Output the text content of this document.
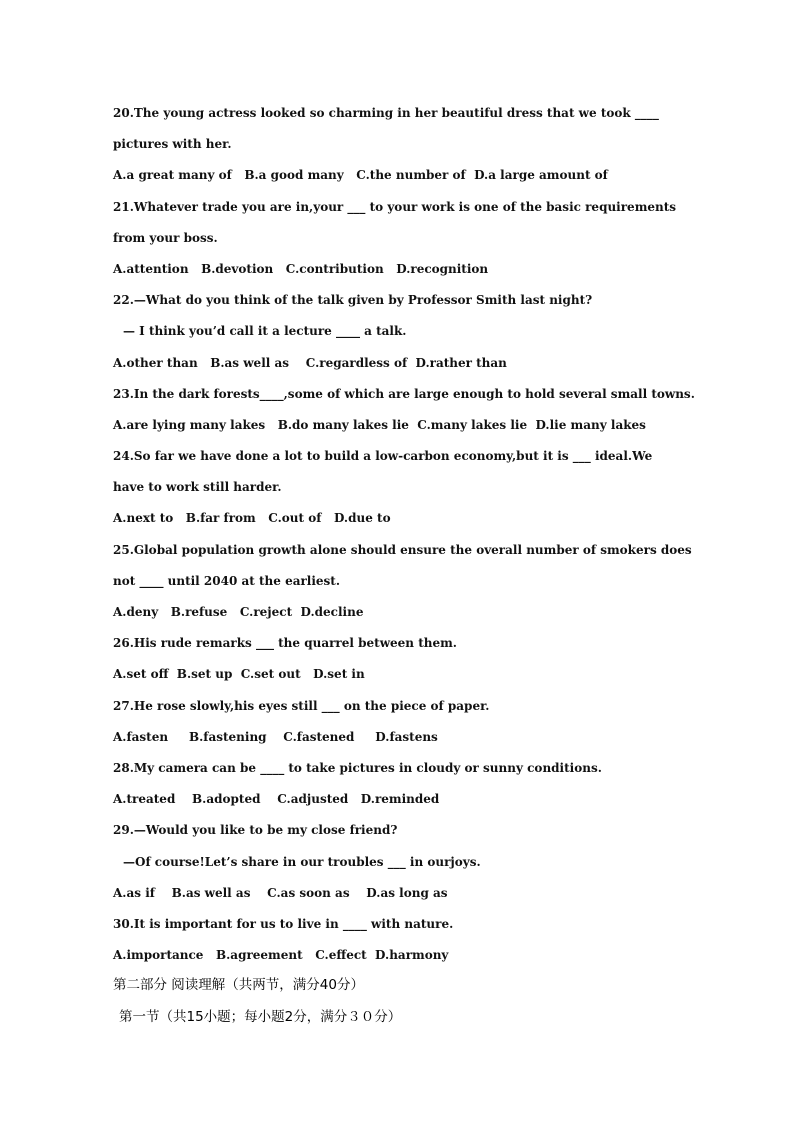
20.The young actress looked so charming in her beautiful dress that we took ____
pictures with her.
A.a great many of   B.a good many   C.the number of  D.a large amount of
21.Whatever trade you are in,your ___ to your work is one of the basic requirements
from your boss.
A.attention   B.devotion   C.contribution   D.recognition
22.—What do you think of the talk given by Professor Smith last night?
— I think you’d call it a lecture ____ a talk.
A.other than   B.as well as    C.regardless of  D.rather than
23.In the dark forests____,some of which are large enough to hold several small towns.
A.are lying many lakes   B.do many lakes lie  C.many lakes lie  D.lie many lakes
24.So far we have done a lot to build a low-carbon economy,but it is ___ ideal.We
have to work still harder.
A.next to   B.far from   C.out of   D.due to
25.Global population growth alone should ensure the overall number of smokers does
not ____ until 2040 at the earliest.
A.deny   B.refuse   C.reject  D.decline
26.His rude remarks ___ the quarrel between them.
A.set off  B.set up  C.set out   D.set in
27.He rose slowly,his eyes still ___ on the piece of paper.
A.fasten     B.fastening    C.fastened     D.fastens
28.My camera can be ____ to take pictures in cloudy or sunny conditions.
A.treated    B.adopted    C.adjusted   D.reminded
29.—Would you like to be my close friend?
—Of course!Let’s share in our troubles ___ in ourjoys.
A.as if    B.as well as    C.as soon as    D.as long as
30.It is important for us to live in ____ with nature.
A.importance   B.agreement   C.effect  D.harmony
第二部分 阅读理解（共两节，满分40分）
第一节（共15小题；每小题2分，满分３０分）
